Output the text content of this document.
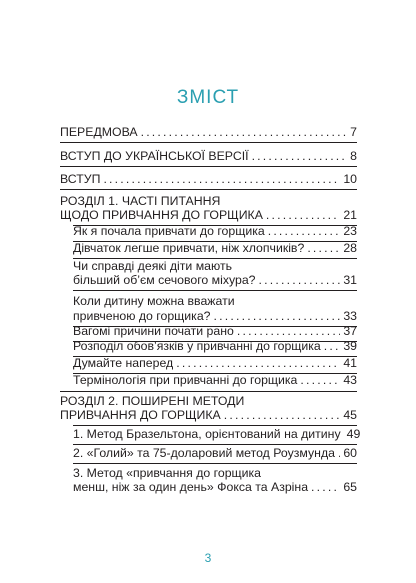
ЗМІСТ
ПЕРЕДМОВА .....	7
ВСТУП ДО УКРАЇНСЬКОЇ ВЕРСІЇ .....	8
ВСТУП .....	10
РОЗДІЛ 1. ЧАСТІ ПИТАННЯ
ЩОДО ПРИВЧАННЯ ДО ГОРЩИКА .....	21
Як я почала привчати до горщика .....	23
Дівчаток легше привчати, ніж хлопчиків? .....	28
Чи справді деякі діти мають
більший об’єм сечового міхура? .....	31
Коли дитину можна вважати
привченою до горщика? .....	33
Вагомі причини почати рано .....	37
Розподіл обов’язків у привчанні до горщика ..... 39
Думайте наперед .....	41
Термінологія при привчанні до горщика .....	43
РОЗДІЛ 2. ПОШИРЕНІ МЕТОДИ
ПРИВЧАННЯ ДО ГОРЩИКА .....	45
1. Метод Бразельтона, орієнтований на дитину 49
2. «Голий» та 75-доларовий метод Роузмунда ..... 60
3. Метод «привчання до горщика
менш, ніж за один день» Фокса та Азріна .....	65
3
